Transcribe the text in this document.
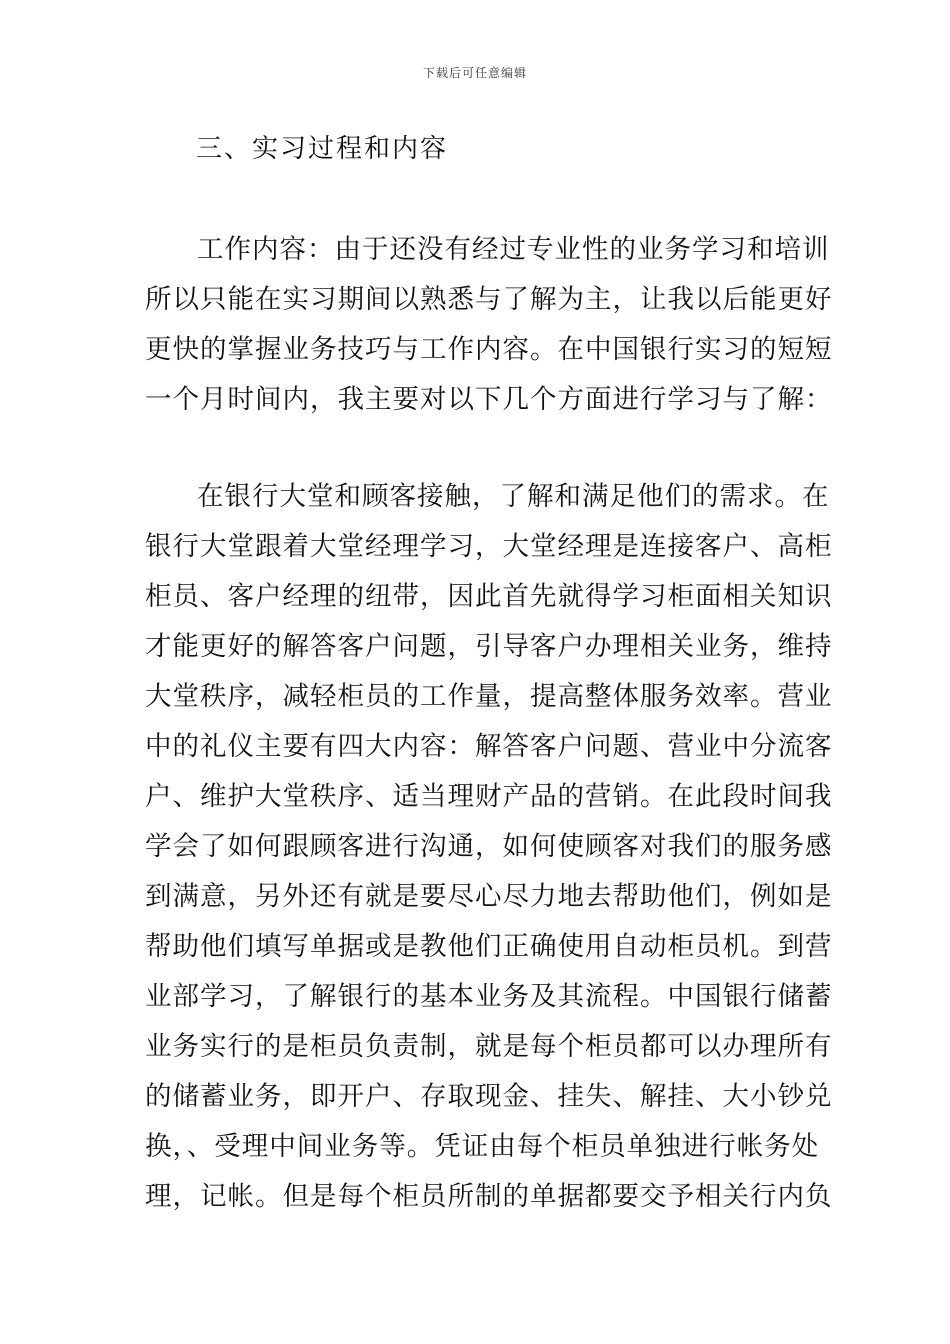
下载后可任意编辑
三、实习过程和内容
工作内容：由于还没有经过专业性的业务学习和培训
所以只能在实习期间以熟悉与了解为主，让我以后能更好
更快的掌握业务技巧与工作内容。在中国银行实习的短短
一个月时间内，我主要对以下几个方面进行学习与了解：
在银行大堂和顾客接触，了解和满足他们的需求。在
银行大堂跟着大堂经理学习，大堂经理是连接客户、高柜
柜员、客户经理的纽带，因此首先就得学习柜面相关知识
才能更好的解答客户问题，引导客户办理相关业务，维持
大堂秩序，减轻柜员的工作量，提高整体服务效率。营业
中的礼仪主要有四大内容：解答客户问题、营业中分流客
户、维护大堂秩序、适当理财产品的营销。在此段时间我
学会了如何跟顾客进行沟通，如何使顾客对我们的服务感
到满意，另外还有就是要尽心尽力地去帮助他们，例如是
帮助他们填写单据或是教他们正确使用自动柜员机。到营
业部学习，了解银行的基本业务及其流程。中国银行储蓄
业务实行的是柜员负责制，就是每个柜员都可以办理所有
的储蓄业务，即开户、存取现金、挂失、解挂、大小钞兑
换，、受理中间业务等。凭证由每个柜员单独进行帐务处
理，记帐。但是每个柜员所制的单据都要交予相关行内负
